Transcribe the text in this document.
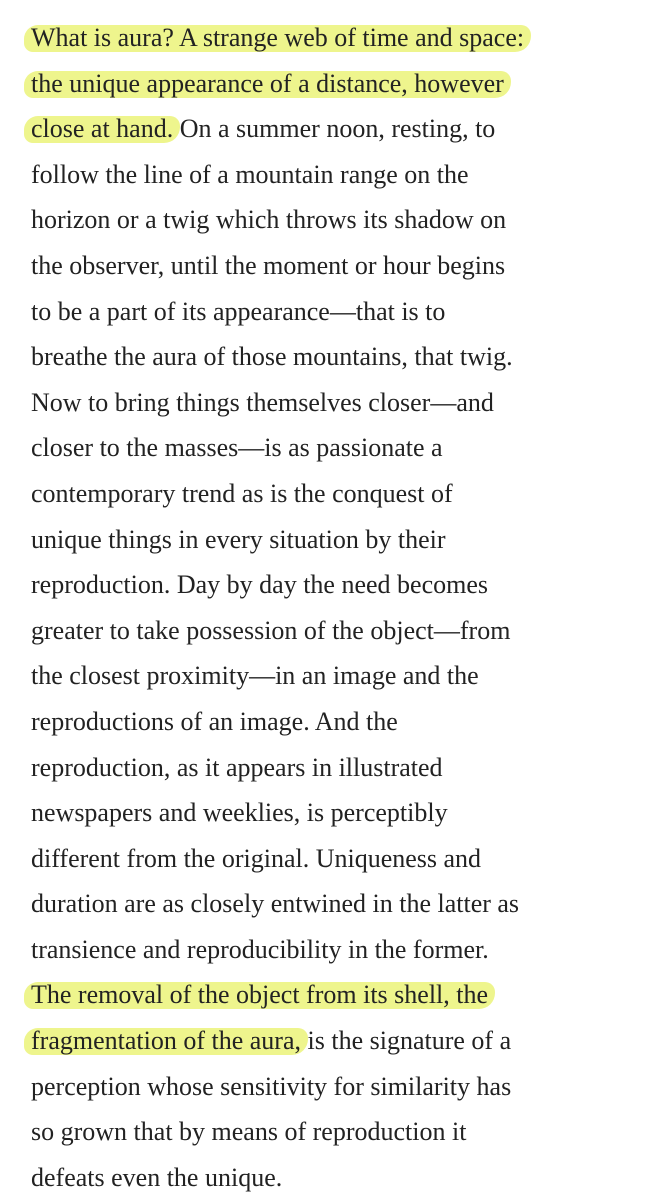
What is aura? A strange web of time and space:

the unique appearance of a distance, however

close at hand. On a summer noon, resting, to

follow the line of a mountain range on the

horizon or a twig which throws its shadow on

the observer, until the moment or hour begins

to be a part of its appearance—that is to

breathe the aura of those mountains, that twig.

Now to bring things themselves closer—and

closer to the masses—is as passionate a

contemporary trend as is the conquest of

unique things in every situation by their

reproduction. Day by day the need becomes

greater to take possession of the object—from

the closest proximity—in an image and the

reproductions of an image. And the

reproduction, as it appears in illustrated

newspapers and weeklies, is perceptibly

different from the original. Uniqueness and

duration are as closely entwined in the latter as

transience and reproducibility in the former.

The removal of the object from its shell, the

fragmentation of the aura, is the signature of a

perception whose sensitivity for similarity has

so grown that by means of reproduction it

defeats even the unique.
